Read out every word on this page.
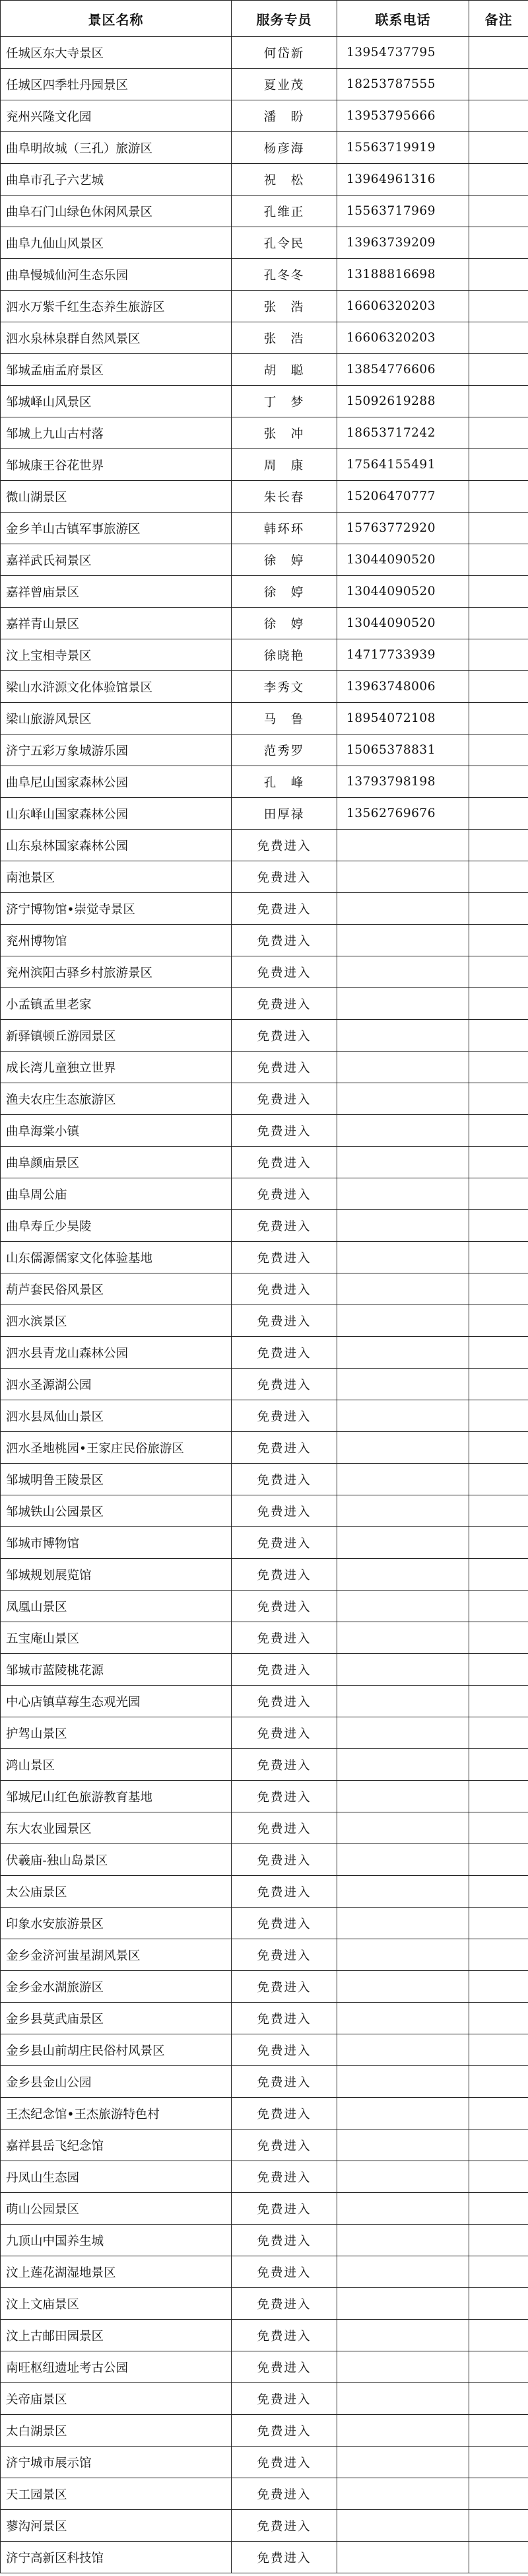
景区名称	服务专员	联系电话	备注
任城区东大寺景区	何岱新	13954737795	
任城区四季牡丹园景区	夏业茂	18253787555	
兖州兴隆文化园	潘　盼	13953795666	
曲阜明故城（三孔）旅游区	杨彦海	15563719919	
曲阜市孔子六艺城	祝　松	13964961316	
曲阜石门山绿色休闲风景区	孔维正	15563717969	
曲阜九仙山风景区	孔令民	13963739209	
曲阜慢城仙河生态乐园	孔冬冬	13188816698	
泗水万紫千红生态养生旅游区	张　浩	16606320203	
泗水泉林泉群自然风景区	张　浩	16606320203	
邹城孟庙孟府景区	胡　聪	13854776606	
邹城峄山风景区	丁　梦	15092619288	
邹城上九山古村落	张　冲	18653717242	
邹城康王谷花世界	周　康	17564155491	
微山湖景区	朱长春	15206470777	
金乡羊山古镇军事旅游区	韩环环	15763772920	
嘉祥武氏祠景区	徐　婷	13044090520	
嘉祥曾庙景区	徐　婷	13044090520	
嘉祥青山景区	徐　婷	13044090520	
汶上宝相寺景区	徐晓艳	14717733939	
梁山水浒源文化体验馆景区	李秀文	13963748006	
梁山旅游风景区	马　鲁	18954072108	
济宁五彩万象城游乐园	范秀罗	15065378831	
曲阜尼山国家森林公园	孔　峰	13793798198	
山东峄山国家森林公园	田厚禄	13562769676	
山东泉林国家森林公园	免费进入		
南池景区	免费进入		
济宁博物馆•崇觉寺景区	免费进入		
兖州博物馆	免费进入		
兖州滨阳古驿乡村旅游景区	免费进入		
小孟镇孟里老家	免费进入		
新驿镇顿丘游园景区	免费进入		
成长湾儿童独立世界	免费进入		
渔夫农庄生态旅游区	免费进入		
曲阜海棠小镇	免费进入		
曲阜颜庙景区	免费进入		
曲阜周公庙	免费进入		
曲阜寿丘少昊陵	免费进入		
山东儒源儒家文化体验基地	免费进入		
葫芦套民俗风景区	免费进入		
泗水滨景区	免费进入		
泗水县青龙山森林公园	免费进入		
泗水圣源湖公园	免费进入		
泗水县凤仙山景区	免费进入		
泗水圣地桃园•王家庄民俗旅游区	免费进入		
邹城明鲁王陵景区	免费进入		
邹城铁山公园景区	免费进入		
邹城市博物馆	免费进入		
邹城规划展览馆	免费进入		
凤凰山景区	免费进入		
五宝庵山景区	免费进入		
邹城市蓝陵桃花源	免费进入		
中心店镇草莓生态观光园	免费进入		
护驾山景区	免费进入		
鸿山景区	免费进入		
邹城尼山红色旅游教育基地	免费进入		
东大农业园景区	免费进入		
伏羲庙-独山岛景区	免费进入		
太公庙景区	免费进入		
印象水安旅游景区	免费进入		
金乡金济河蚩星湖风景区	免费进入		
金乡金水湖旅游区	免费进入		
金乡县莫武庙景区	免费进入		
金乡县山前胡庄民俗村风景区	免费进入		
金乡县金山公园	免费进入		
王杰纪念馆•王杰旅游特色村	免费进入		
嘉祥县岳飞纪念馆	免费进入		
丹凤山生态园	免费进入		
萌山公园景区	免费进入		
九顶山中国养生城	免费进入		
汶上莲花湖湿地景区	免费进入		
汶上文庙景区	免费进入		
汶上古邮田园景区	免费进入		
南旺枢纽遗址考古公园	免费进入		
关帝庙景区	免费进入		
太白湖景区	免费进入		
济宁城市展示馆	免费进入		
天工园景区	免费进入		
蓼沟河景区	免费进入		
济宁高新区科技馆	免费进入		
